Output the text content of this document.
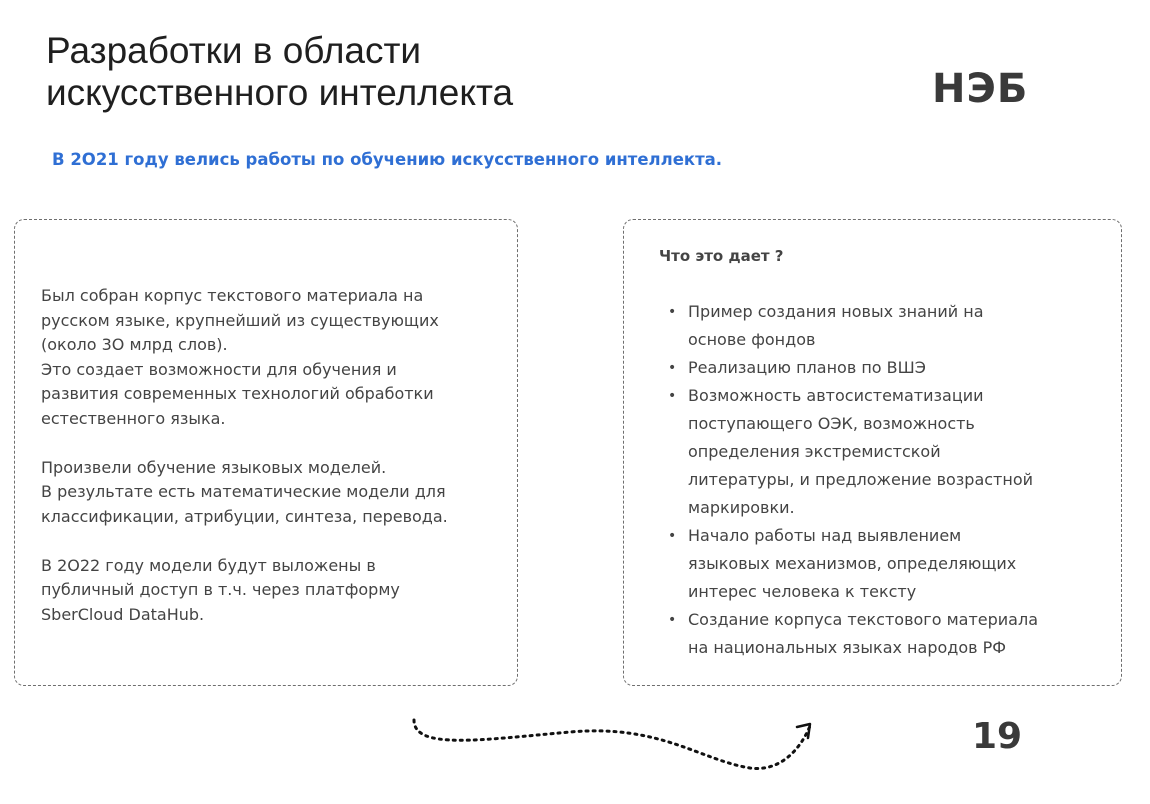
Разработки в области
искусственного интеллекта	НЭБ
В 2О21 году велись работы по обучению искусственного интеллекта.

Был собран корпус текстового материала на
русском языке, крупнейший из существующих
(около 3О млрд слов).
Это создает возможности для обучения и
развития современных технологий обработки
естественного языка.

Произвели обучение языковых моделей.
В результате есть математические модели для
классификации, атрибуции, синтеза, перевода.

В 2О22 году модели будут выложены в
публичный доступ в т.ч. через платформу
SberCloud DataHub.

Что это дает ?
• Пример создания новых знаний на
основе фондов
• Реализацию планов по ВШЭ
• Возможность автосистематизации
поступающего ОЭК, возможность
определения экстремистской
литературы, и предложение возрастной
маркировки.
• Начало работы над выявлением
языковых механизмов, определяющих
интерес человека к тексту
• Создание корпуса текстового материала
на национальных языках народов РФ
19
